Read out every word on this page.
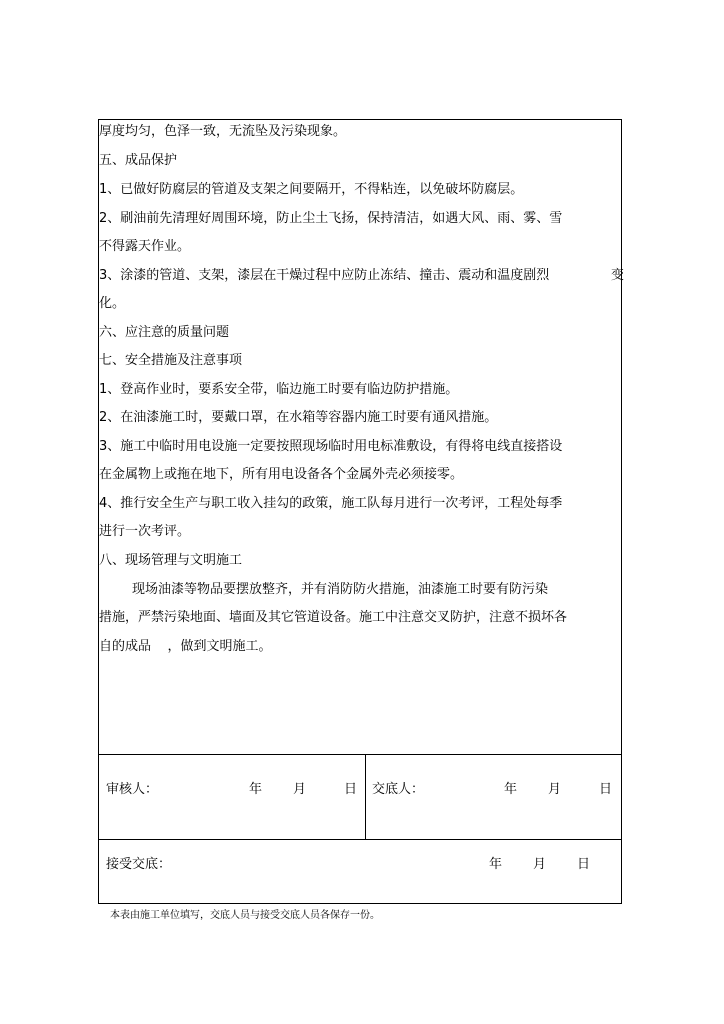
厚度均匀，色泽一致，无流坠及污染现象。
五、成品保护
1、已做好防腐层的管道及支架之间要隔开，不得粘连，以免破坏防腐层。
2、刷油前先清理好周围环境，防止尘土飞扬，保持清洁，如遇大风、雨、雾、雪
不得露天作业。
3、涂漆的管道、支架，漆层在干燥过程中应防止冻结、撞击、震动和温度剧烈	变
化。
六、应注意的质量问题
七、安全措施及注意事项
1、登高作业时，要系安全带，临边施工时要有临边防护措施。
2、在油漆施工时，要戴口罩，在水箱等容器内施工时要有通风措施。
3、施工中临时用电设施一定要按照现场临时用电标准敷设，有得将电线直接搭设
在金属物上或拖在地下，所有用电设备各个金属外壳必须接零。
4、推行安全生产与职工收入挂勾的政策，施工队每月进行一次考评，工程处每季
进行一次考评。
八、现场管理与文明施工
现场油漆等物品要摆放整齐，并有消防防火措施，油漆施工时要有防污染
措施，严禁污染地面、墙面及其它管道设备。施工中注意交叉防护，注意不损坏各
自的成品    ，做到文明施工。
审核人：	年 月	日 交底人：	年 月	日
接受交底：	年 月 日
本表由施工单位填写，交底人员与接受交底人员各保存一份。
